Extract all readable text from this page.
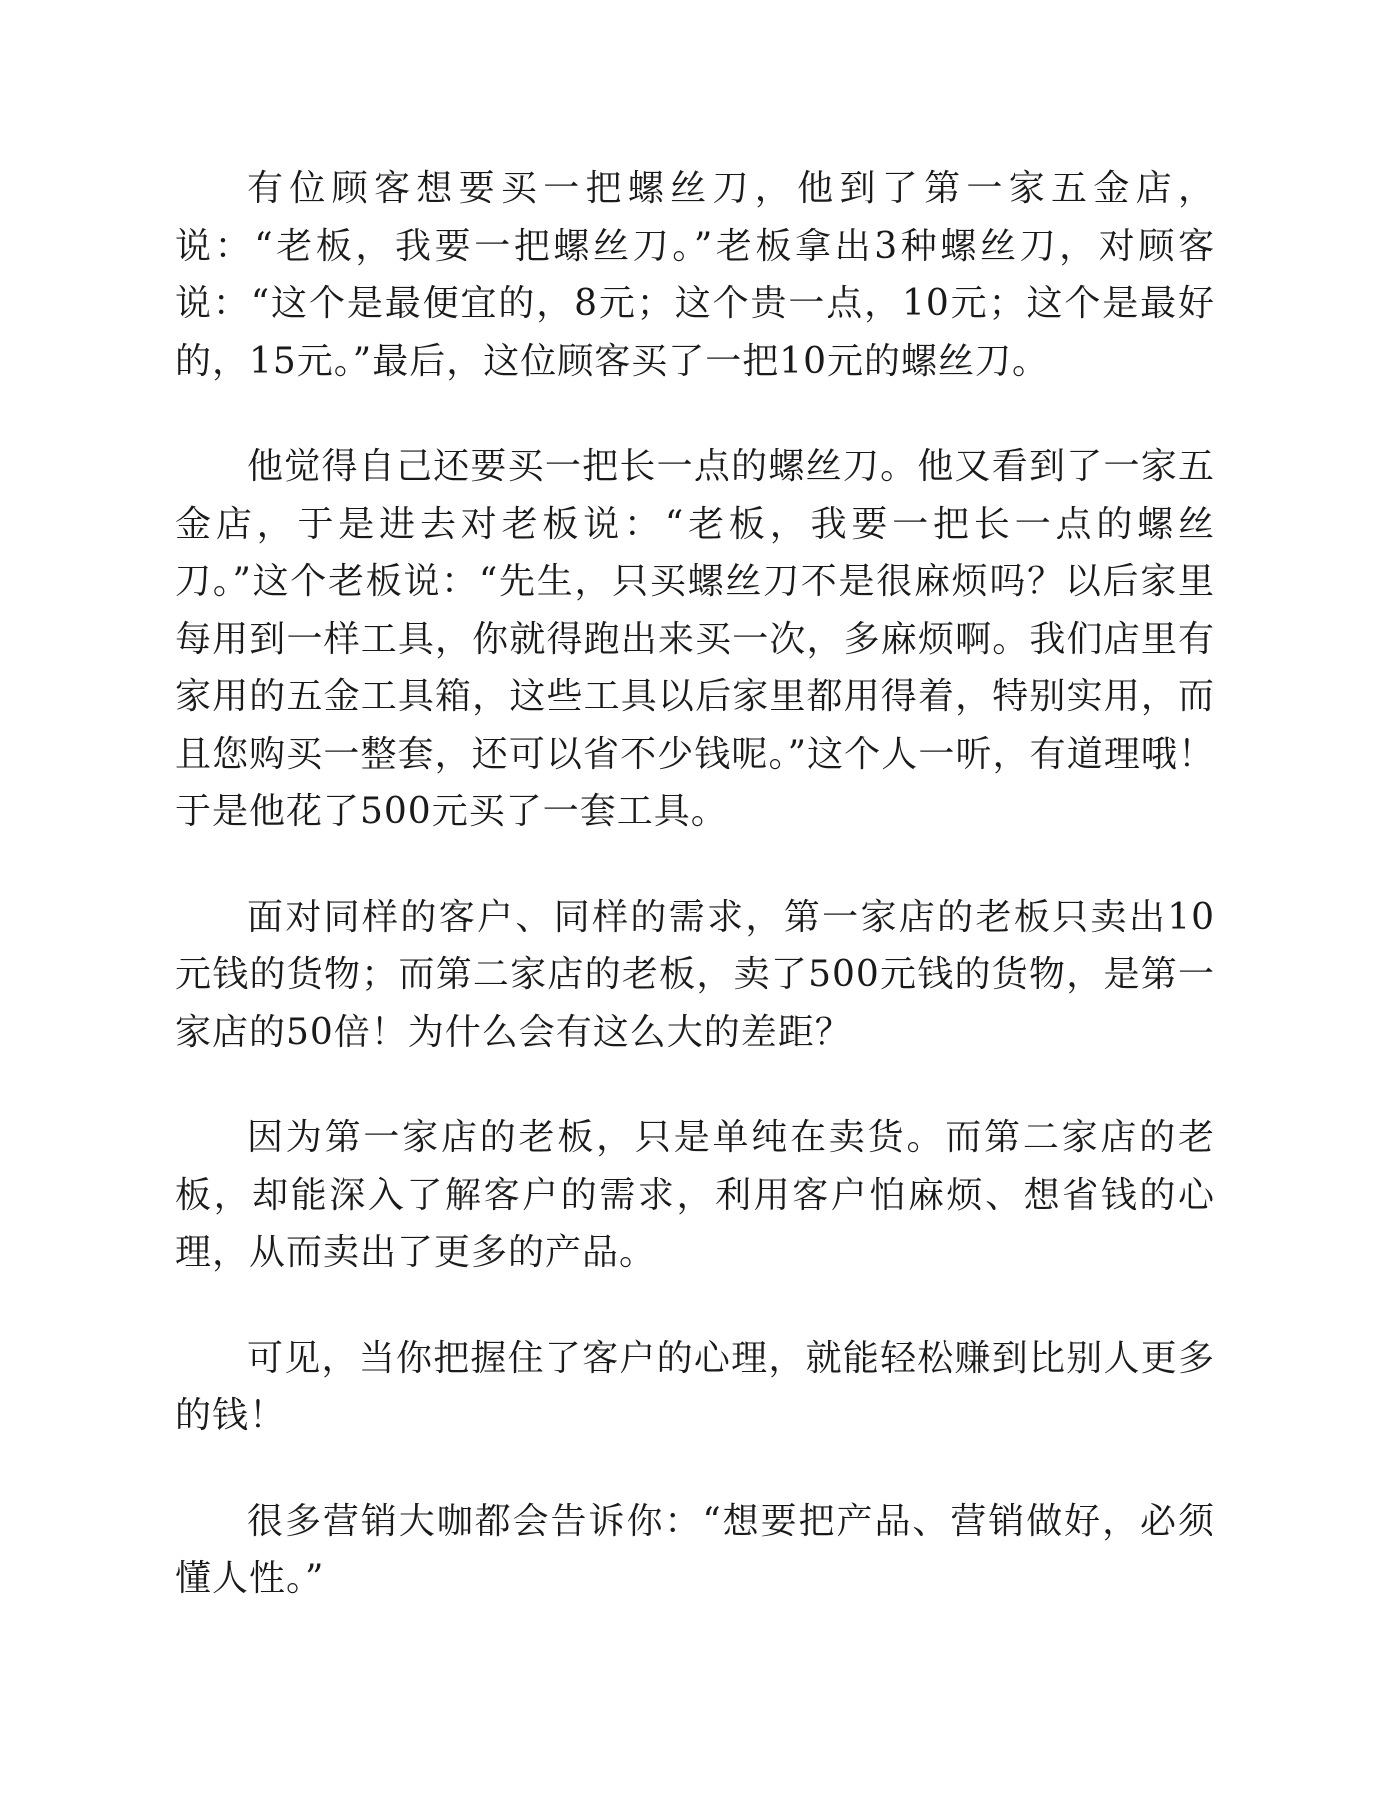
有位顾客想要买一把螺丝刀，他到了第一家五金店，说：“老板，我要一把螺丝刀。”老板拿出3种螺丝刀，对顾客说：“这个是最便宜的，8元；这个贵一点，10元；这个是最好的，15元。”最后，这位顾客买了一把10元的螺丝刀。

他觉得自己还要买一把长一点的螺丝刀。他又看到了一家五金店，于是进去对老板说：“老板，我要一把长一点的螺丝刀。”这个老板说：“先生，只买螺丝刀不是很麻烦吗？以后家里每用到一样工具，你就得跑出来买一次，多麻烦啊。我们店里有家用的五金工具箱，这些工具以后家里都用得着，特别实用，而且您购买一整套，还可以省不少钱呢。”这个人一听，有道理哦！于是他花了500元买了一套工具。

面对同样的客户、同样的需求，第一家店的老板只卖出10元钱的货物；而第二家店的老板，卖了500元钱的货物，是第一家店的50倍！为什么会有这么大的差距？

因为第一家店的老板，只是单纯在卖货。而第二家店的老板，却能深入了解客户的需求，利用客户怕麻烦、想省钱的心理，从而卖出了更多的产品。

可见，当你把握住了客户的心理，就能轻松赚到比别人更多的钱！

很多营销大咖都会告诉你：“想要把产品、营销做好，必须懂人性。”
